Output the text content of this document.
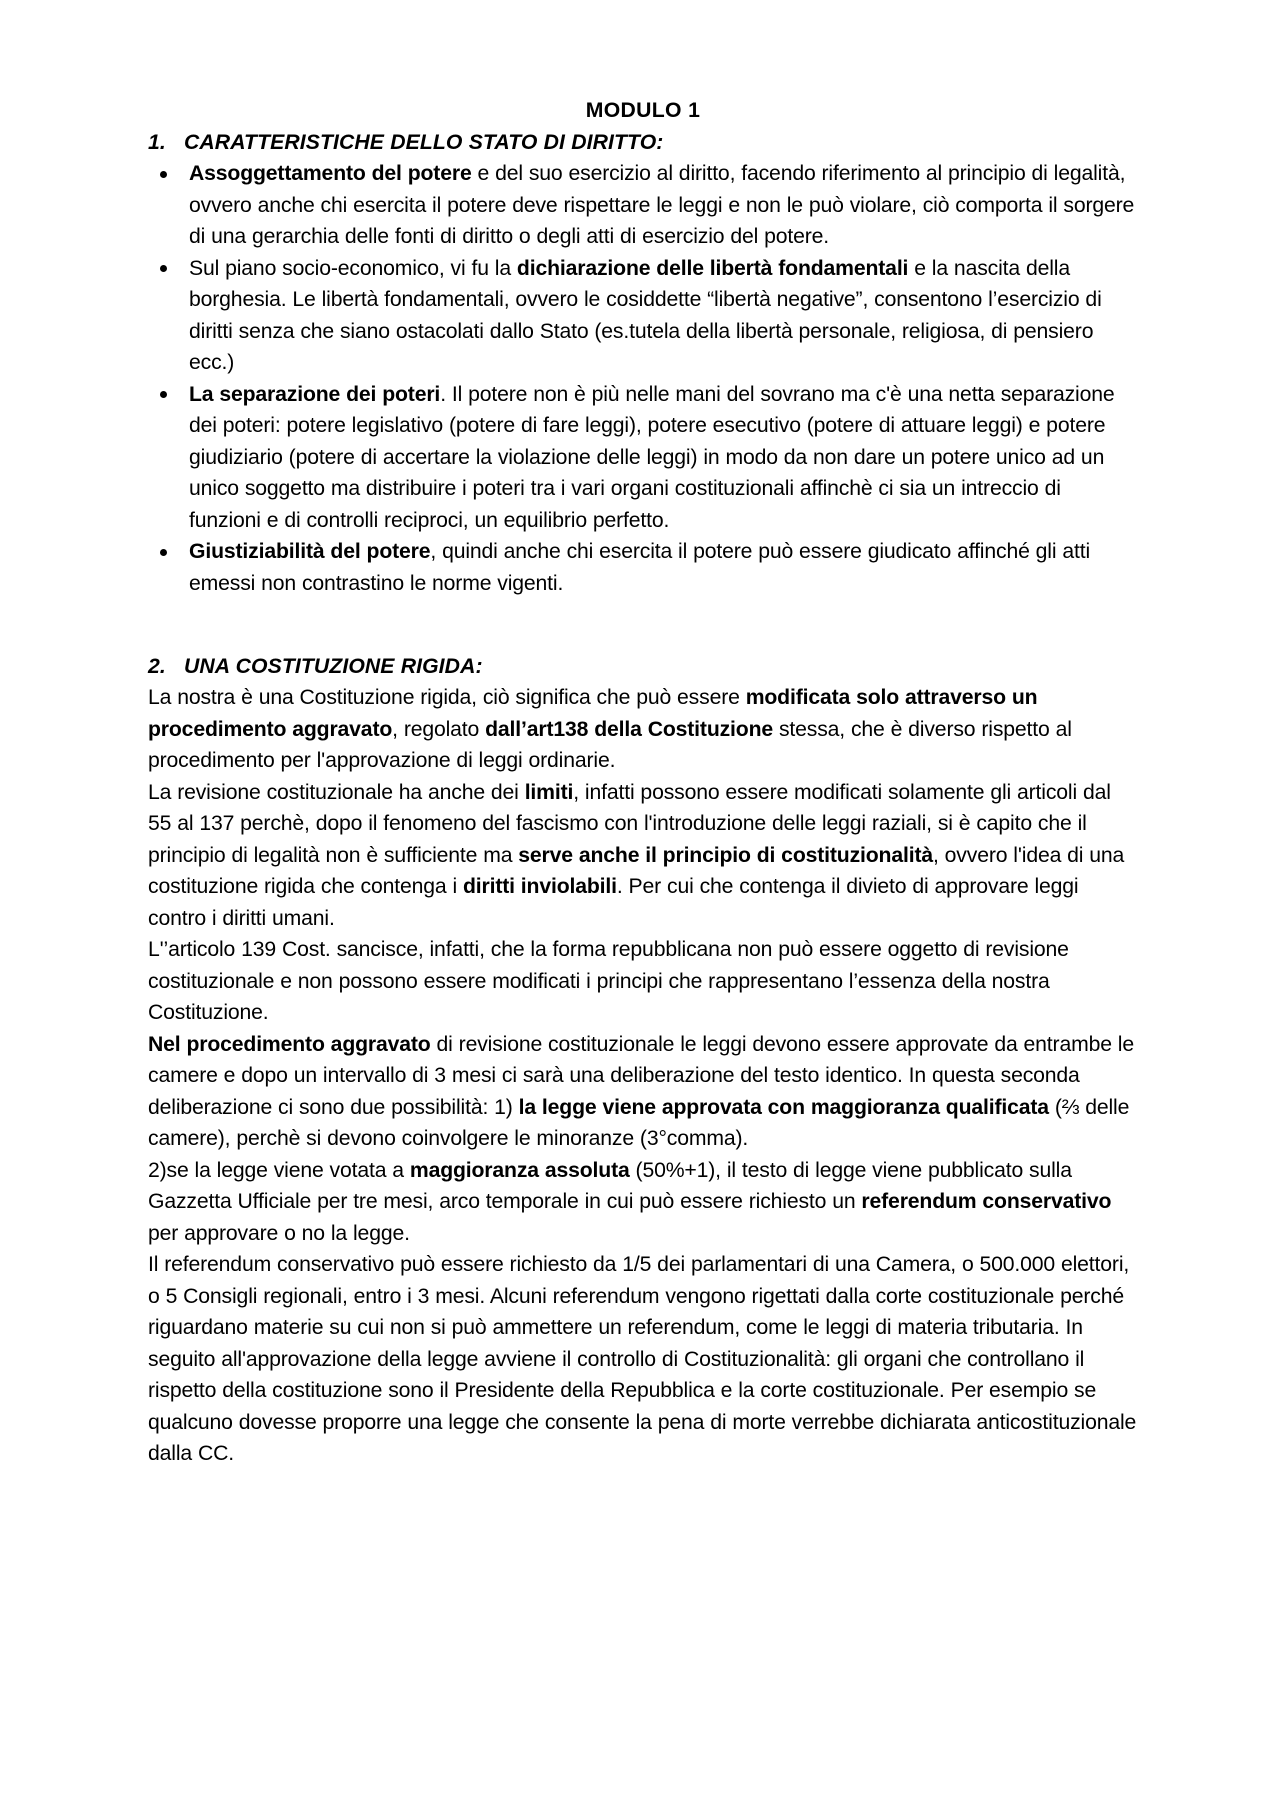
MODULO 1
1. CARATTERISTICHE DELLO STATO DI DIRITTO:
Assoggettamento del potere e del suo esercizio al diritto, facendo riferimento al principio di legalità, ovvero anche chi esercita il potere deve rispettare le leggi e non le può violare, ciò comporta il sorgere di una gerarchia delle fonti di diritto o degli atti di esercizio del potere.
Sul piano socio-economico, vi fu la dichiarazione delle libertà fondamentali e la nascita della borghesia. Le libertà fondamentali, ovvero le cosiddette “libertà negative”, consentono l’esercizio di diritti senza che siano ostacolati dallo Stato (es.tutela della libertà personale, religiosa, di pensiero ecc.)
La separazione dei poteri. Il potere non è più nelle mani del sovrano ma c'è una netta separazione dei poteri: potere legislativo (potere di fare leggi), potere esecutivo (potere di attuare leggi) e potere giudiziario (potere di accertare la violazione delle leggi) in modo da non dare un potere unico ad un unico soggetto ma distribuire i poteri tra i vari organi costituzionali affinchè ci sia un intreccio di funzioni e di controlli reciproci, un equilibrio perfetto.
Giustiziabilità del potere, quindi anche chi esercita il potere può essere giudicato affinché gli atti emessi non contrastino le norme vigenti.
2. UNA COSTITUZIONE RIGIDA:

La nostra è una Costituzione rigida, ciò significa che può essere modificata solo attraverso un procedimento aggravato, regolato dall’art138 della Costituzione stessa, che è diverso rispetto al procedimento per l'approvazione di leggi ordinarie.

La revisione costituzionale ha anche dei limiti, infatti possono essere modificati solamente gli articoli dal 55 al 137 perchè, dopo il fenomeno del fascismo con l'introduzione delle leggi raziali, si è capito che il principio di legalità non è sufficiente ma serve anche il principio di costituzionalità, ovvero l'idea di una costituzione rigida che contenga i diritti inviolabili. Per cui che contenga il divieto di approvare leggi contro i diritti umani.

L'’articolo 139 Cost. sancisce, infatti, che la forma repubblicana non può essere oggetto di revisione costituzionale e non possono essere modificati i principi che rappresentano l’essenza della nostra Costituzione.

Nel procedimento aggravato di revisione costituzionale le leggi devono essere approvate da entrambe le camere e dopo un intervallo di 3 mesi ci sarà una deliberazione del testo identico. In questa seconda deliberazione ci sono due possibilità: 1) la legge viene approvata con maggioranza qualificata (⅔ delle camere), perchè si devono coinvolgere le minoranze (3°comma).

2)se la legge viene votata a maggioranza assoluta (50%+1), il testo di legge viene pubblicato sulla Gazzetta Ufficiale per tre mesi, arco temporale in cui può essere richiesto un referendum conservativo per approvare o no la legge.

Il referendum conservativo può essere richiesto da 1/5 dei parlamentari di una Camera, o 500.000 elettori, o 5 Consigli regionali, entro i 3 mesi. Alcuni referendum vengono rigettati dalla corte costituzionale perché riguardano materie su cui non si può ammettere un referendum, come le leggi di materia tributaria. In seguito all'approvazione della legge avviene il controllo di Costituzionalità: gli organi che controllano il rispetto della costituzione sono il Presidente della Repubblica e la corte costituzionale. Per esempio se qualcuno dovesse proporre una legge che consente la pena di morte verrebbe dichiarata anticostituzionale dalla CC.
